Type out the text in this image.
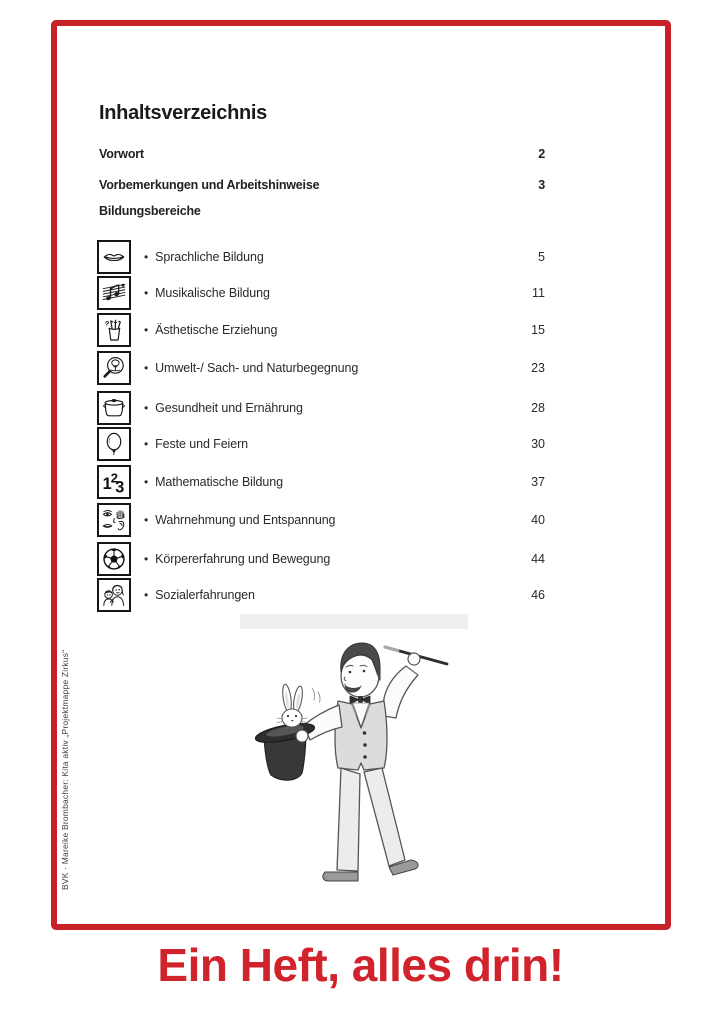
Inhaltsverzeichnis
Vorwort	2
Vorbemerkungen und Arbeitshinweise	3
Bildungsbereiche
• Sprachliche Bildung	5
• Musikalische Bildung	11
• Ästhetische Erziehung	15
• Umwelt-/ Sach- und Naturbegegnung	23
• Gesundheit und Ernährung	28
• Feste und Feiern	30
• Mathematische Bildung	37
• Wahrnehmung und Entspannung	40
• Körpererfahrung und Bewegung	44
• Sozialerfahrungen	46
BVK · Mareike Brombacher: Kita aktiv „Projektmappe Zirkus“
Ein Heft, alles drin!
